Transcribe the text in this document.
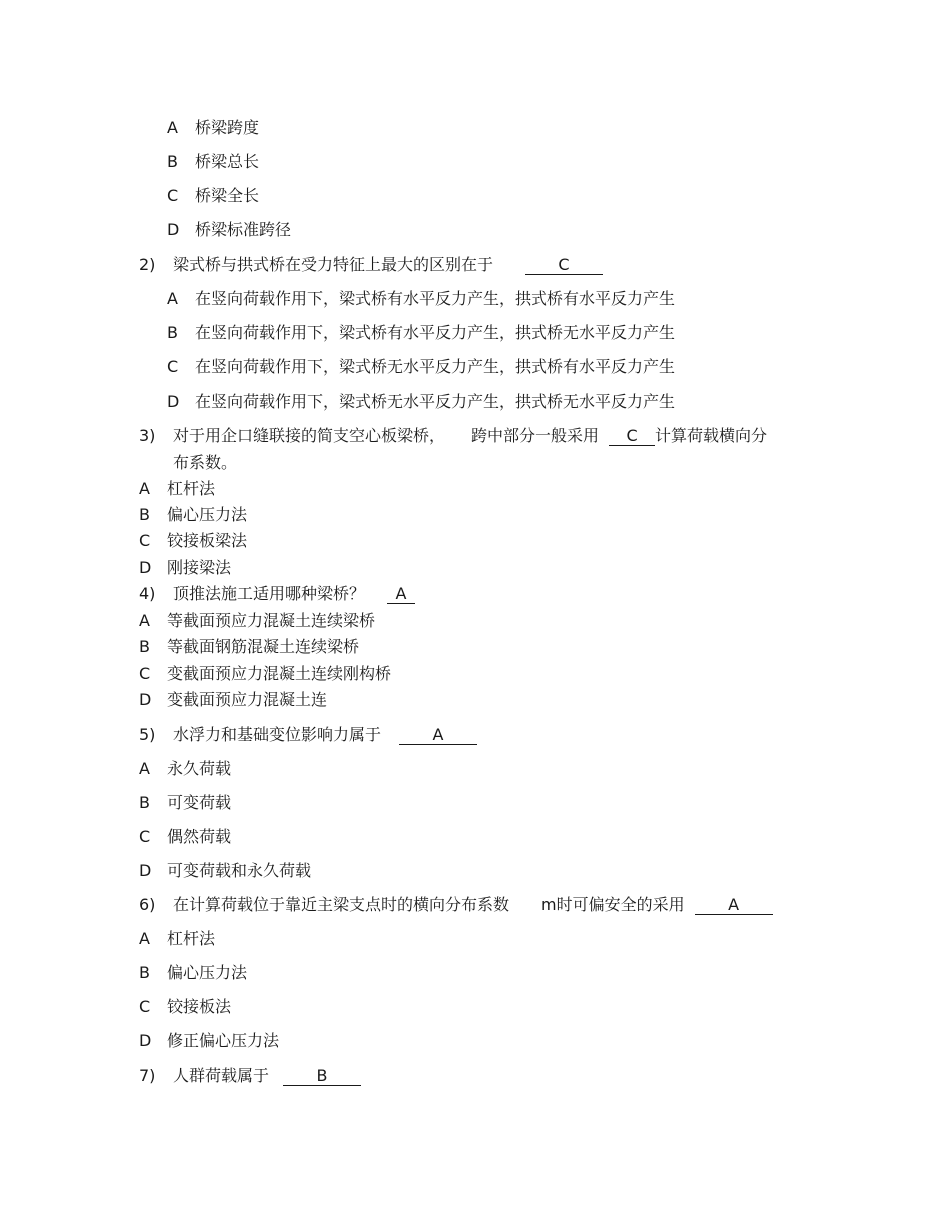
A 桥梁跨度
B 桥梁总长
C 桥梁全长
D 桥梁标准跨径
2) 梁式桥与拱式桥在受力特征上最大的区别在于	C
A 在竖向荷载作用下，梁式桥有水平反力产生，拱式桥有水平反力产生
B 在竖向荷载作用下，梁式桥有水平反力产生，拱式桥无水平反力产生
C 在竖向荷载作用下，梁式桥无水平反力产生，拱式桥有水平反力产生
D 在竖向荷载作用下，梁式桥无水平反力产生，拱式桥无水平反力产生
3) 对于用企口缝联接的简支空心板梁桥， 跨中部分一般采用 C 计算荷载横向分
布系数。
A 杠杆法
B 偏心压力法
C 铰接板梁法
D 刚接梁法
4) 顶推法施工适用哪种梁桥？ A
A 等截面预应力混凝土连续梁桥
B 等截面钢筋混凝土连续梁桥
C 变截面预应力混凝土连续刚构桥
D 变截面预应力混凝土连
5) 水浮力和基础变位影响力属于	A
A 永久荷载
B 可变荷载
C 偶然荷载
D 可变荷载和永久荷载
6) 在计算荷载位于靠近主梁支点时的横向分布系数 m时可偏安全的采用	A
A 杠杆法
B 偏心压力法
C 铰接板法
D 修正偏心压力法
7) 人群荷载属于	B
